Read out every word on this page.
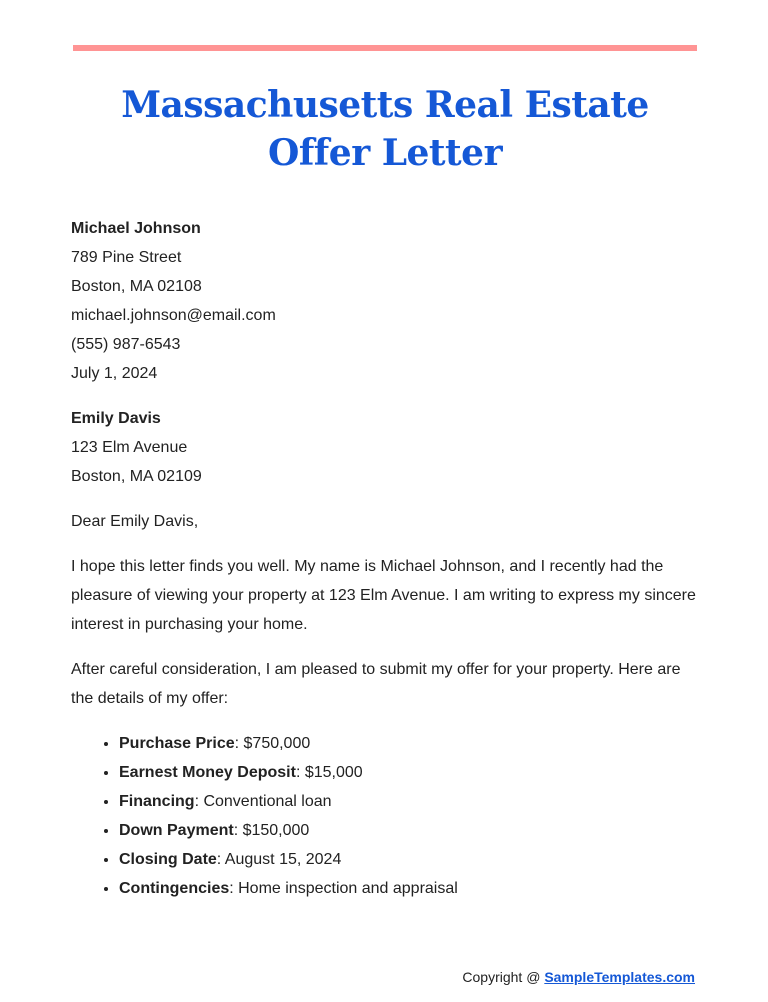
Massachusetts Real Estate Offer Letter
Michael Johnson
789 Pine Street
Boston, MA 02108
michael.johnson@email.com
(555) 987-6543
July 1, 2024
Emily Davis
123 Elm Avenue
Boston, MA 02109

Dear Emily Davis,

I hope this letter finds you well. My name is Michael Johnson, and I recently had the pleasure of viewing your property at 123 Elm Avenue. I am writing to express my sincere interest in purchasing your home.

After careful consideration, I am pleased to submit my offer for your property. Here are the details of my offer:

• Purchase Price: $750,000
• Earnest Money Deposit: $15,000
• Financing: Conventional loan
• Down Payment: $150,000
• Closing Date: August 15, 2024
• Contingencies: Home inspection and appraisal
Copyright @ SampleTemplates.com
